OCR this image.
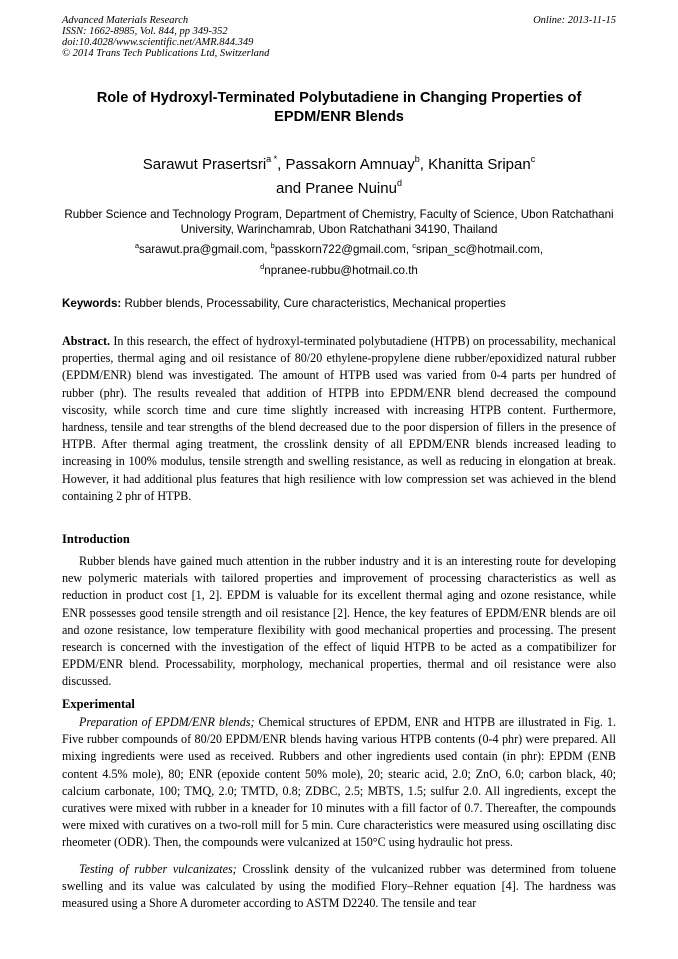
Advanced Materials Research
ISSN: 1662-8985, Vol. 844, pp 349-352
doi:10.4028/www.scientific.net/AMR.844.349
© 2014 Trans Tech Publications Ltd, Switzerland
Online: 2013-11-15
Role of Hydroxyl-Terminated Polybutadiene in Changing Properties of EPDM/ENR Blends
Sarawut Prasertsri$^{a *}$, Passakorn Amnuay$^b$, Khanitta Sripan$^c$
and Pranee Nuinu$^d$
Rubber Science and Technology Program, Department of Chemistry, Faculty of Science, Ubon Ratchathani University, Warinchamrab, Ubon Ratchathani 34190, Thailand
$^a$sarawut.pra@gmail.com, $^b$passkorn722@gmail.com, $^c$sripan_sc@hotmail.com,
$^d$npranee-rubbu@hotmail.co.th
Keywords: Rubber blends, Processability, Cure characteristics, Mechanical properties
Abstract. In this research, the effect of hydroxyl-terminated polybutadiene (HTPB) on processability, mechanical properties, thermal aging and oil resistance of 80/20 ethylene-propylene diene rubber/epoxidized natural rubber (EPDM/ENR) blend was investigated. The amount of HTPB used was varied from 0-4 parts per hundred of rubber (phr). The results revealed that addition of HTPB into EPDM/ENR blend decreased the compound viscosity, while scorch time and cure time slightly increased with increasing HTPB content. Furthermore, hardness, tensile and tear strengths of the blend decreased due to the poor dispersion of fillers in the presence of HTPB. After thermal aging treatment, the crosslink density of all EPDM/ENR blends increased leading to increasing in 100% modulus, tensile strength and swelling resistance, as well as reducing in elongation at break. However, it had additional plus features that high resilience with low compression set was achieved in the blend containing 2 phr of HTPB.
Introduction
Rubber blends have gained much attention in the rubber industry and it is an interesting route for developing new polymeric materials with tailored properties and improvement of processing characteristics as well as reduction in product cost [1, 2]. EPDM is valuable for its excellent thermal aging and ozone resistance, while ENR possesses good tensile strength and oil resistance [2]. Hence, the key features of EPDM/ENR blends are oil and ozone resistance, low temperature flexibility with good mechanical properties and processing. The present research is concerned with the investigation of the effect of liquid HTPB to be acted as a compatibilizer for EPDM/ENR blend. Processability, morphology, mechanical properties, thermal and oil resistance were also discussed.
Experimental
Preparation of EPDM/ENR blends; Chemical structures of EPDM, ENR and HTPB are illustrated in Fig. 1. Five rubber compounds of 80/20 EPDM/ENR blends having various HTPB contents (0-4 phr) were prepared. All mixing ingredients were used as received. Rubbers and other ingredients used contain (in phr): EPDM (ENB content 4.5% mole), 80; ENR (epoxide content 50% mole), 20; stearic acid, 2.0; ZnO, 6.0; carbon black, 40; calcium carbonate, 100; TMQ, 2.0; TMTD, 0.8; ZDBC, 2.5; MBTS, 1.5; sulfur 2.0. All ingredients, except the curatives were mixed with rubber in a kneader for 10 minutes with a fill factor of 0.7. Thereafter, the compounds were mixed with curatives on a two-roll mill for 5 min. Cure characteristics were measured using oscillating disc rheometer (ODR). Then, the compounds were vulcanized at 150°C using hydraulic hot press.
Testing of rubber vulcanizates; Crosslink density of the vulcanized rubber was determined from toluene swelling and its value was calculated by using the modified Flory–Rehner equation [4]. The hardness was measured using a Shore A durometer according to ASTM D2240. The tensile and tear
